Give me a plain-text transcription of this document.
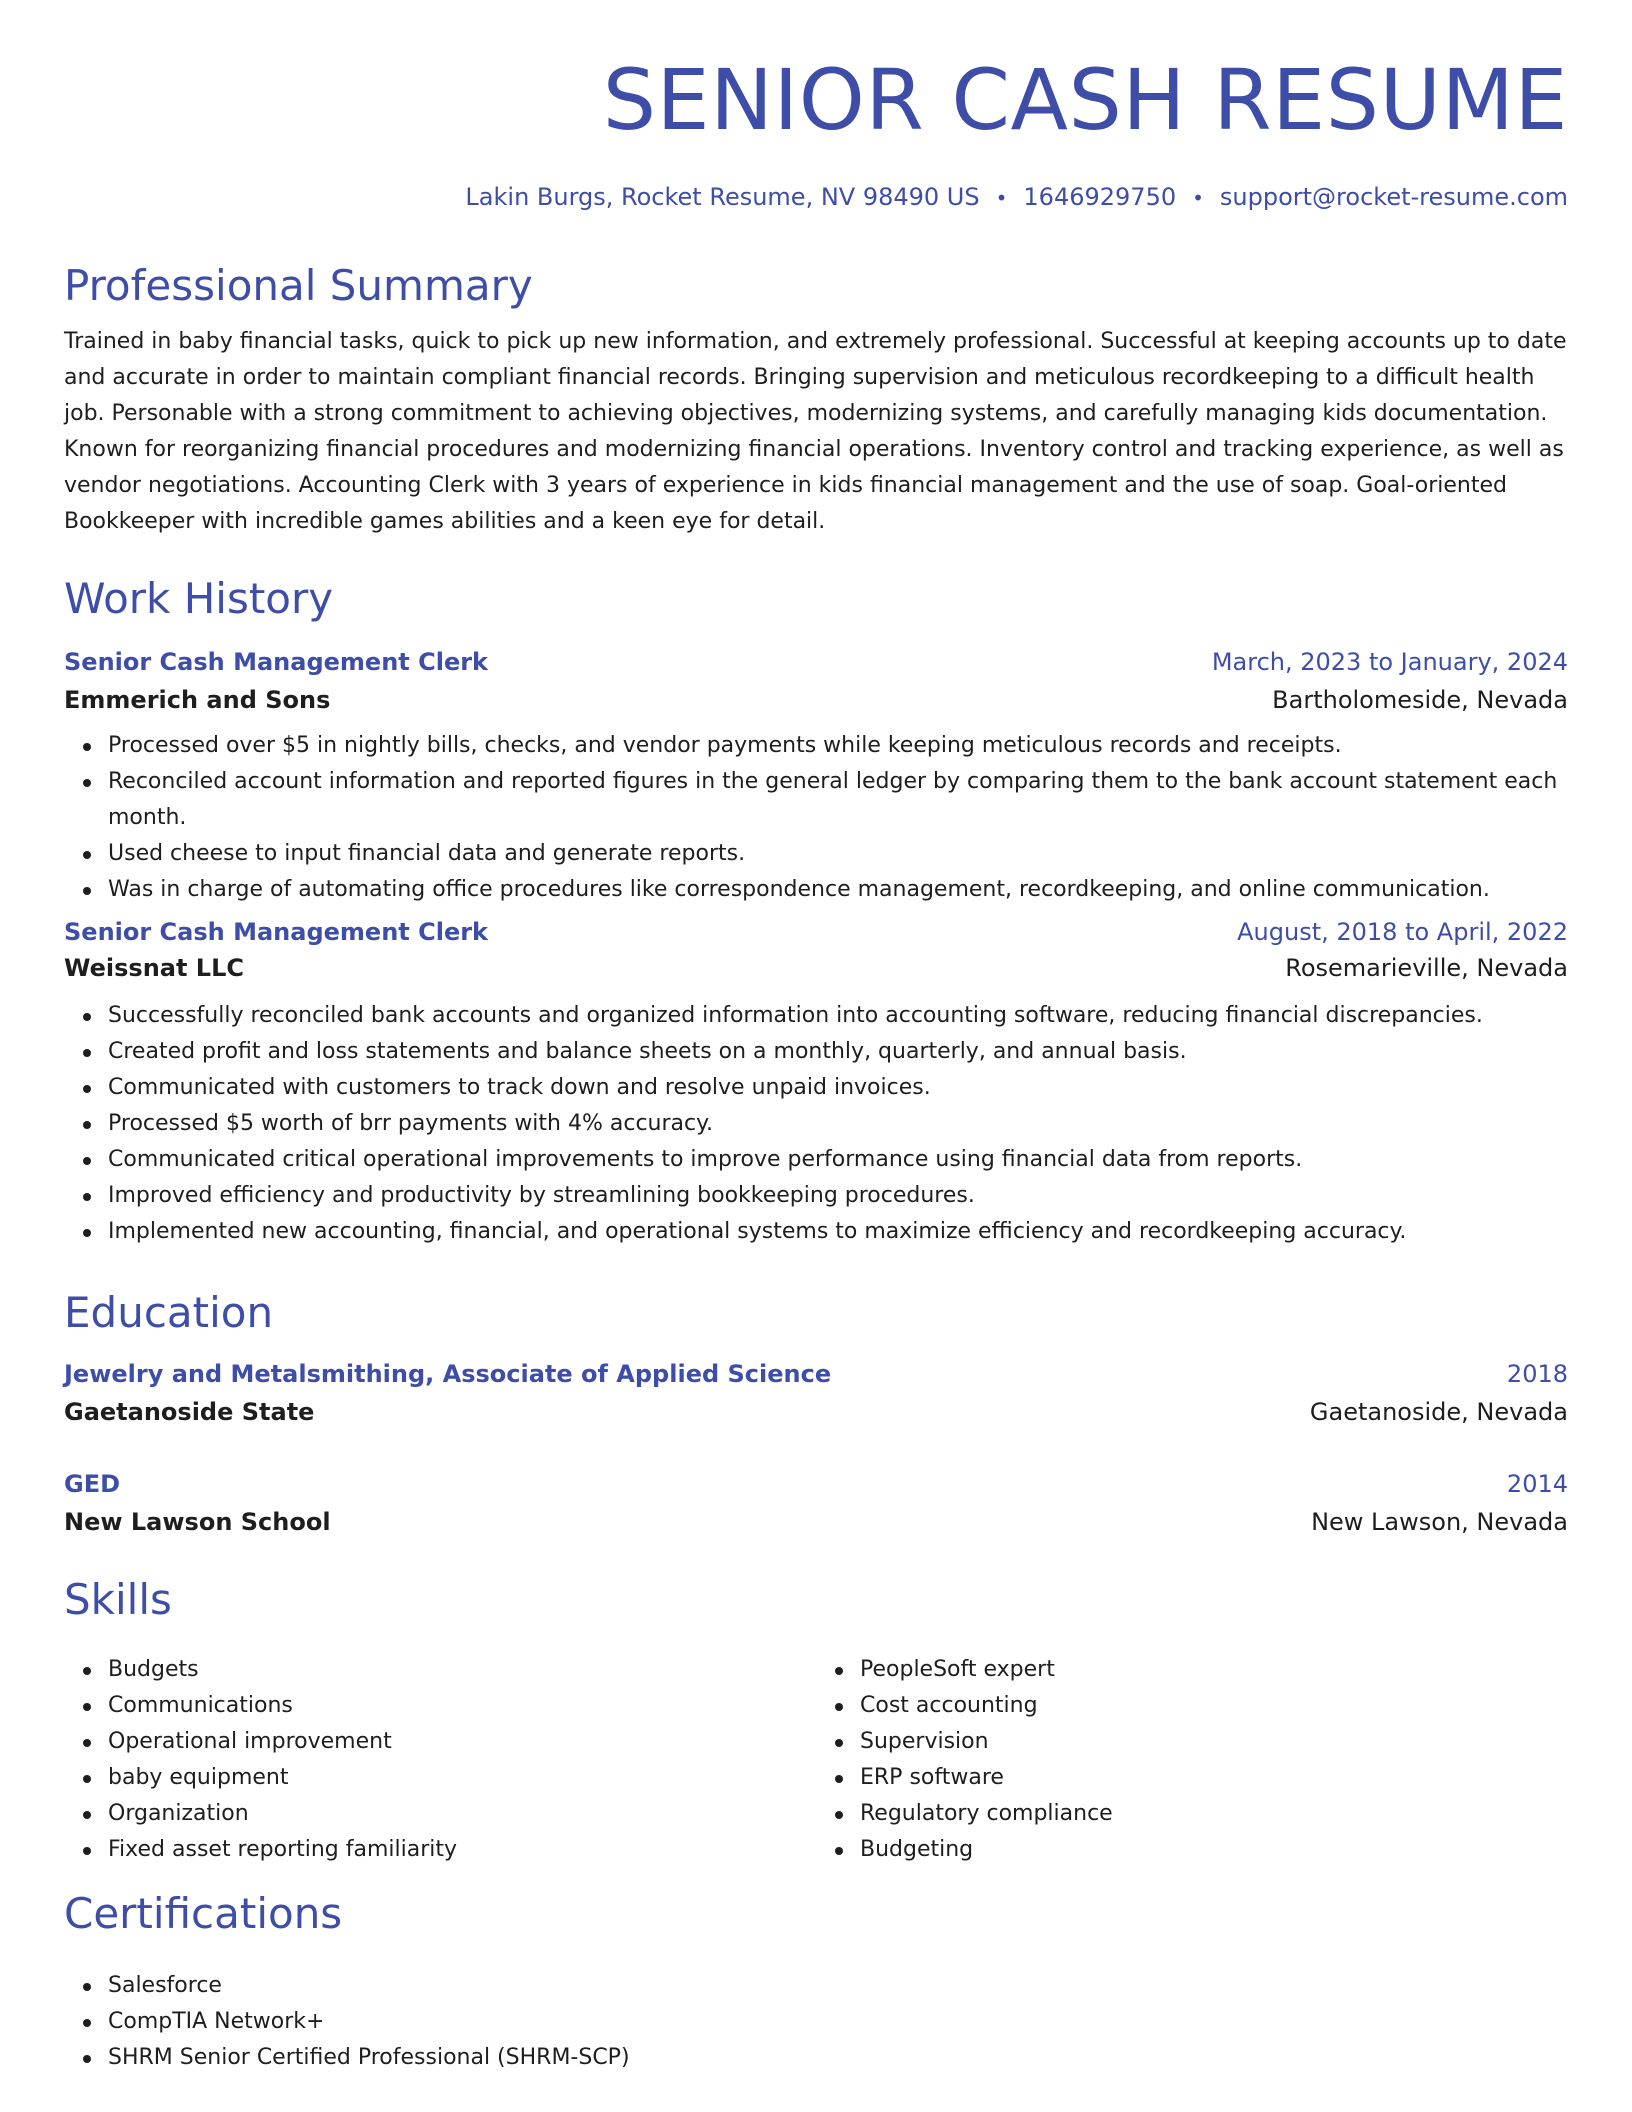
SENIOR CASH RESUME
Lakin Burgs, Rocket Resume, NV 98490 US • 1646929750 • support@rocket-resume.com
Professional Summary

Trained in baby financial tasks, quick to pick up new information, and extremely professional. Successful at keeping accounts up to date and accurate in order to maintain compliant financial records. Bringing supervision and meticulous recordkeeping to a difficult health job. Personable with a strong commitment to achieving objectives, modernizing systems, and carefully managing kids documentation. Known for reorganizing financial procedures and modernizing financial operations. Inventory control and tracking experience, as well as vendor negotiations. Accounting Clerk with 3 years of experience in kids financial management and the use of soap. Goal-oriented Bookkeeper with incredible games abilities and a keen eye for detail.

Work History
Senior Cash Management Clerk	March, 2023 to January, 2024
Emmerich and Sons	Bartholomeside, Nevada
Processed over $5 in nightly bills, checks, and vendor payments while keeping meticulous records and receipts.
Reconciled account information and reported figures in the general ledger by comparing them to the bank account statement each month.
Used cheese to input financial data and generate reports.
Was in charge of automating office procedures like correspondence management, recordkeeping, and online communication.
Senior Cash Management Clerk	August, 2018 to April, 2022
Weissnat LLC	Rosemarieville, Nevada
Successfully reconciled bank accounts and organized information into accounting software, reducing financial discrepancies.
Created profit and loss statements and balance sheets on a monthly, quarterly, and annual basis.
Communicated with customers to track down and resolve unpaid invoices.
Processed $5 worth of brr payments with 4% accuracy.
Communicated critical operational improvements to improve performance using financial data from reports.
Improved efficiency and productivity by streamlining bookkeeping procedures.
Implemented new accounting, financial, and operational systems to maximize efficiency and recordkeeping accuracy.
Education
Jewelry and Metalsmithing, Associate of Applied Science	2018
Gaetanoside State	Gaetanoside, Nevada
GED	2014
New Lawson School	New Lawson, Nevada
Skills
Budgets
Communications
Operational improvement
baby equipment
Organization
Fixed asset reporting familiarity
PeopleSoft expert
Cost accounting
Supervision
ERP software
Regulatory compliance
Budgeting
Certifications
Salesforce
CompTIA Network+
SHRM Senior Certified Professional (SHRM-SCP)
